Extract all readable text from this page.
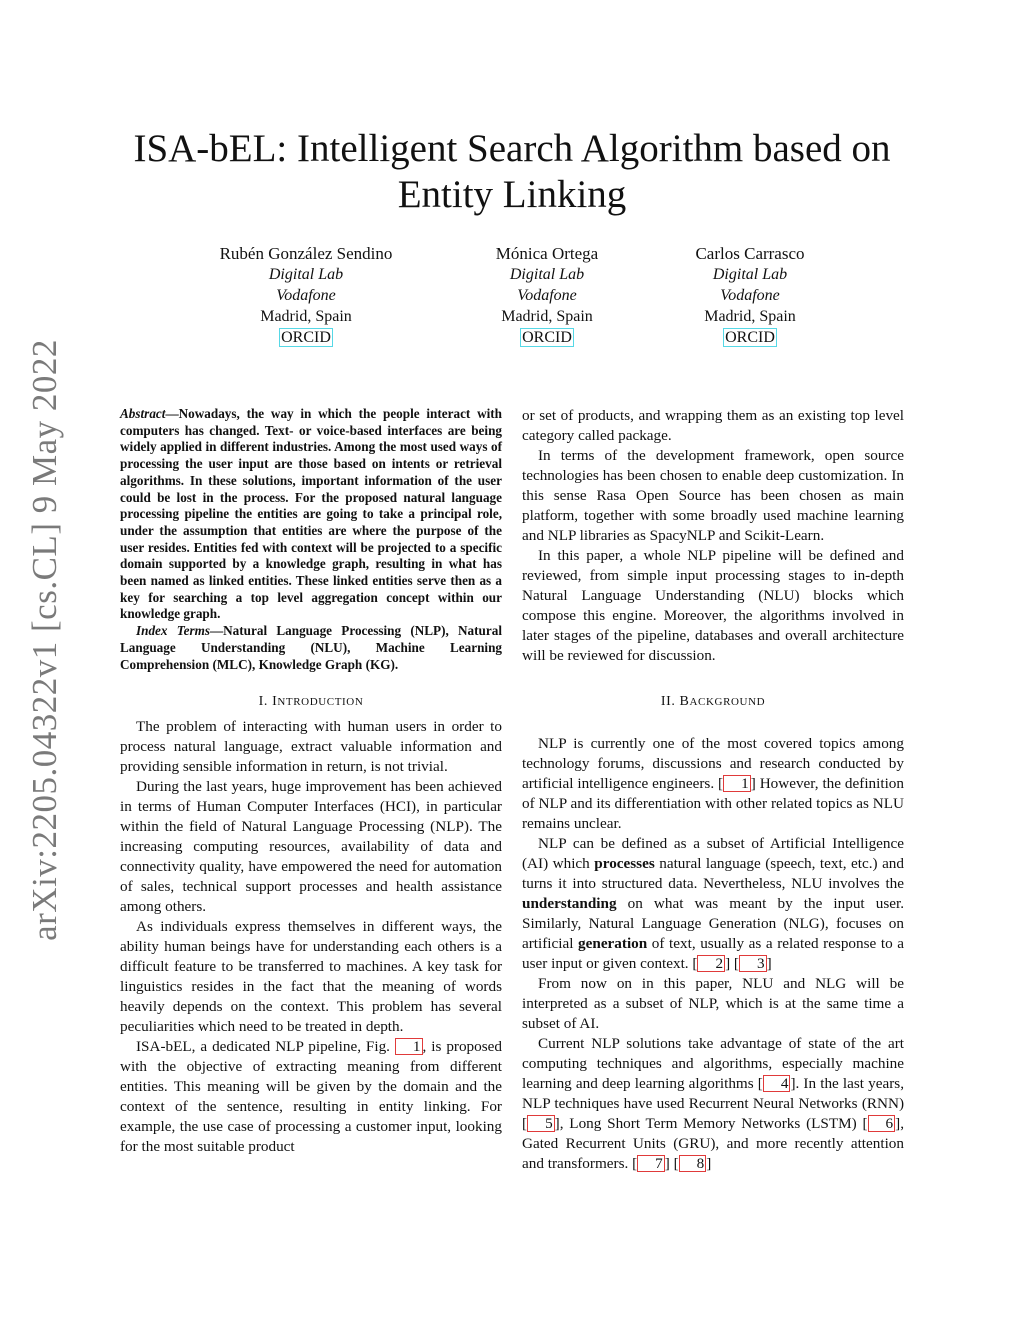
arXiv:2205.04322v1 [cs.CL] 9 May 2022
ISA-bEL: Intelligent Search Algorithm based on Entity Linking
Rubén González Sendino
Digital Lab
Vodafone
Madrid, Spain
ORCID
Mónica Ortega
Digital Lab
Vodafone
Madrid, Spain
ORCID
Carlos Carrasco
Digital Lab
Vodafone
Madrid, Spain
ORCID

Abstract—Nowadays, the way in which the people interact with computers has changed. Text- or voice-based interfaces are being widely applied in different industries. Among the most used ways of processing the user input are those based on intents or retrieval algorithms. In these solutions, important information of the user could be lost in the process. For the proposed natural language processing pipeline the entities are going to take a principal role, under the assumption that entities are where the purpose of the user resides. Entities fed with context will be projected to a specific domain supported by a knowledge graph, resulting in what has been named as linked entities. These linked entities serve then as a key for searching a top level aggregation concept within our knowledge graph.

Index Terms—Natural Language Processing (NLP), Natural Language Understanding (NLU), Machine Learning Comprehension (MLC), Knowledge Graph (KG).

I. INTRODUCTION

The problem of interacting with human users in order to process natural language, extract valuable information and providing sensible information in return, is not trivial.

During the last years, huge improvement has been achieved in terms of Human Computer Interfaces (HCI), in particular within the field of Natural Language Processing (NLP). The increasing computing resources, availability of data and connectivity quality, have empowered the need for automation of sales, technical support processes and health assistance among others.

As individuals express themselves in different ways, the ability human beings have for understanding each others is a difficult feature to be transferred to machines. A key task for linguistics resides in the fact that the meaning of words heavily depends on the context. This problem has several peculiarities which need to be treated in depth.

ISA-bEL, a dedicated NLP pipeline, Fig. 1 , is proposed with the objective of extracting meaning from different entities. This meaning will be given by the domain and the context of the sentence, resulting in entity linking. For example, the use case of processing a customer input, looking for the most suitable product

or set of products, and wrapping them as an existing top level category called package.

In terms of the development framework, open source technologies has been chosen to enable deep customization. In this sense Rasa Open Source has been chosen as main platform, together with some broadly used machine learning and NLP libraries as SpacyNLP and Scikit-Learn.

In this paper, a whole NLP pipeline will be defined and reviewed, from simple input processing stages to in-depth Natural Language Understanding (NLU) blocks which compose this engine. Moreover, the algorithms involved in later stages of the pipeline, databases and overall architecture will be reviewed for discussion.

II. BACKGROUND

NLP is currently one of the most covered topics among technology forums, discussions and research conducted by artificial intelligence engineers. [ 1 ] However, the definition of NLP and its differentiation with other related topics as NLU remains unclear.

NLP can be defined as a subset of Artificial Intelligence (AI) which processes natural language (speech, text, etc.) and turns it into structured data. Nevertheless, NLU involves the understanding on what was meant by the input user. Similarly, Natural Language Generation (NLG), focuses on artificial generation of text, usually as a related response to a user input or given context. [ 2 ] [ 3 ]

From now on in this paper, NLU and NLG will be interpreted as a subset of NLP, which is at the same time a subset of AI.

Current NLP solutions take advantage of state of the art computing techniques and algorithms, especially machine learning and deep learning algorithms [ 4 ]. In the last years, NLP techniques have used Recurrent Neural Networks (RNN) [ 5 ], Long Short Term Memory Networks (LSTM) [ 6 ], Gated Recurrent Units (GRU), and more recently attention and transformers. [ 7 ] [ 8 ]
